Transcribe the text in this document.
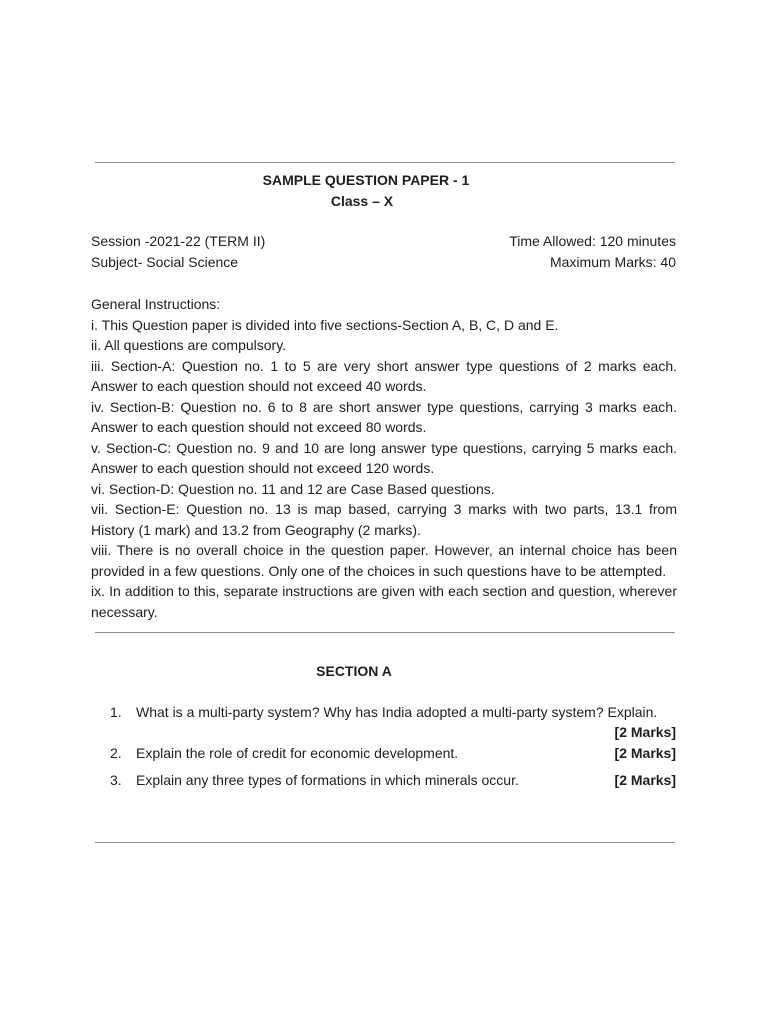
SAMPLE QUESTION PAPER - 1
Class – X
Session -2021-22 (TERM II)	Time Allowed: 120 minutes
Subject- Social Science	Maximum Marks: 40

General Instructions:

i. This Question paper is divided into five sections-Section A, B, C, D and E.

ii. All questions are compulsory.

iii. Section-A: Question no. 1 to 5 are very short answer type questions of 2 marks each. Answer to each question should not exceed 40 words.

iv. Section-B: Question no. 6 to 8 are short answer type questions, carrying 3 marks each. Answer to each question should not exceed 80 words.

v. Section-C: Question no. 9 and 10 are long answer type questions, carrying 5 marks each. Answer to each question should not exceed 120 words.

vi. Section-D: Question no. 11 and 12 are Case Based questions.

vii. Section-E: Question no. 13 is map based, carrying 3 marks with two parts, 13.1 from History (1 mark) and 13.2 from Geography (2 marks).

viii. There is no overall choice in the question paper. However, an internal choice has been provided in a few questions. Only one of the choices in such questions have to be attempted.

ix. In addition to this, separate instructions are given with each section and question, wherever necessary.

SECTION A
1.	What is a multi-party system? Why has India adopted a multi-party system? Explain.
[2 Marks]
2.	Explain the role of credit for economic development.	[2 Marks]
3.	Explain any three types of formations in which minerals occur.	[2 Marks]
